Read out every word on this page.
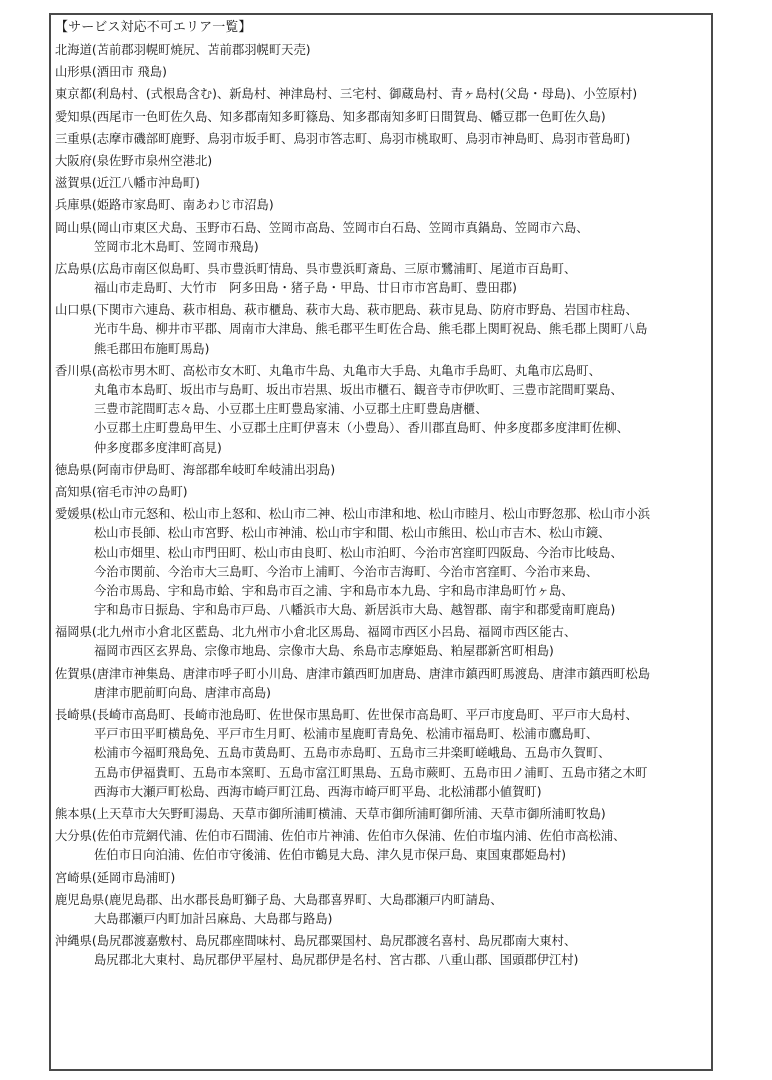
【サービス対応不可エリア一覧】
北海道(苫前郡羽幌町焼尻、苫前郡羽幌町天売)
山形県(酒田市 飛島)
東京都(利島村、(式根島含む)、新島村、神津島村、三宅村、御蔵島村、青ヶ島村(父島・母島)、小笠原村)
愛知県(西尾市一色町佐久島、知多郡南知多町篠島、知多郡南知多町日間賀島、幡豆郡一色町佐久島)
三重県(志摩市磯部町鹿野、鳥羽市坂手町、鳥羽市答志町、鳥羽市桃取町、鳥羽市神島町、鳥羽市菅島町)
大阪府(泉佐野市泉州空港北)
滋賀県(近江八幡市沖島町)
兵庫県(姫路市家島町、南あわじ市沼島)
岡山県(岡山市東区犬島、玉野市石島、笠岡市高島、笠岡市白石島、笠岡市真鍋島、笠岡市六島、
笠岡市北木島町、笠岡市飛島)
広島県(広島市南区似島町、呉市豊浜町情島、呉市豊浜町斎島、三原市鷺浦町、尾道市百島町、
福山市走島町、大竹市　阿多田島・猪子島・甲島、廿日市市宮島町、豊田郡)
山口県(下関市六連島、萩市相島、萩市櫃島、萩市大島、萩市肥島、萩市見島、防府市野島、岩国市柱島、
光市牛島、柳井市平郡、周南市大津島、熊毛郡平生町佐合島、熊毛郡上関町祝島、熊毛郡上関町八島
熊毛郡田布施町馬島)
香川県(高松市男木町、高松市女木町、丸亀市牛島、丸亀市大手島、丸亀市手島町、丸亀市広島町、
丸亀市本島町、坂出市与島町、坂出市岩黒、坂出市櫃石、観音寺市伊吹町、三豊市詫間町粟島、
三豊市詫間町志々島、小豆郡土庄町豊島家浦、小豆郡土庄町豊島唐櫃、
小豆郡土庄町豊島甲生、小豆郡土庄町伊喜末（小豊島）、香川郡直島町、仲多度郡多度津町佐柳、
仲多度郡多度津町高見)
徳島県(阿南市伊島町、海部郡牟岐町牟岐浦出羽島)
高知県(宿毛市沖の島町)
愛媛県(松山市元怒和、松山市上怒和、松山市二神、松山市津和地、松山市睦月、松山市野忽那、松山市小浜
松山市長師、松山市宮野、松山市神浦、松山市宇和間、松山市熊田、松山市吉木、松山市鏡、
松山市畑里、松山市門田町、松山市由良町、松山市泊町、今治市宮窪町四阪島、今治市比岐島、
今治市関前、今治市大三島町、今治市上浦町、今治市吉海町、今治市宮窪町、今治市来島、
今治市馬島、宇和島市蛤、宇和島市百之浦、宇和島市本九島、宇和島市津島町竹ヶ島、
宇和島市日振島、宇和島市戸島、八幡浜市大島、新居浜市大島、越智郡、南宇和郡愛南町鹿島)
福岡県(北九州市小倉北区藍島、北九州市小倉北区馬島、福岡市西区小呂島、福岡市西区能古、
福岡市西区玄界島、宗像市地島、宗像市大島、糸島市志摩姫島、粕屋郡新宮町相島)
佐賀県(唐津市神集島、唐津市呼子町小川島、唐津市鎮西町加唐島、唐津市鎮西町馬渡島、唐津市鎮西町松島
唐津市肥前町向島、唐津市高島)
長崎県(長崎市高島町、長崎市池島町、佐世保市黒島町、佐世保市高島町、平戸市度島町、平戸市大島村、
平戸市田平町横島免、平戸市生月町、松浦市星鹿町青島免、松浦市福島町、松浦市鷹島町、
松浦市今福町飛島免、五島市黄島町、五島市赤島町、五島市三井楽町嵯峨島、五島市久賀町、
五島市伊福貴町、五島市本窯町、五島市富江町黒島、五島市蕨町、五島市田ノ浦町、五島市猪之木町
西海市大瀬戸町松島、西海市崎戸町江島、西海市崎戸町平島、北松浦郡小値賀町)
熊本県(上天草市大矢野町湯島、天草市御所浦町横浦、天草市御所浦町御所浦、天草市御所浦町牧島)
大分県(佐伯市荒網代浦、佐伯市石間浦、佐伯市片神浦、佐伯市久保浦、佐伯市塩内浦、佐伯市高松浦、
佐伯市日向泊浦、佐伯市守後浦、佐伯市鶴見大島、津久見市保戸島、東国東郡姫島村)
宮崎県(延岡市島浦町)
鹿児島県(鹿児島郡、出水郡長島町獅子島、大島郡喜界町、大島郡瀬戸内町請島、
大島郡瀬戸内町加計呂麻島、大島郡与路島)
沖縄県(島尻郡渡嘉敷村、島尻郡座間味村、島尻郡粟国村、島尻郡渡名喜村、島尻郡南大東村、
島尻郡北大東村、島尻郡伊平屋村、島尻郡伊是名村、宮古郡、八重山郡、国頭郡伊江村)
